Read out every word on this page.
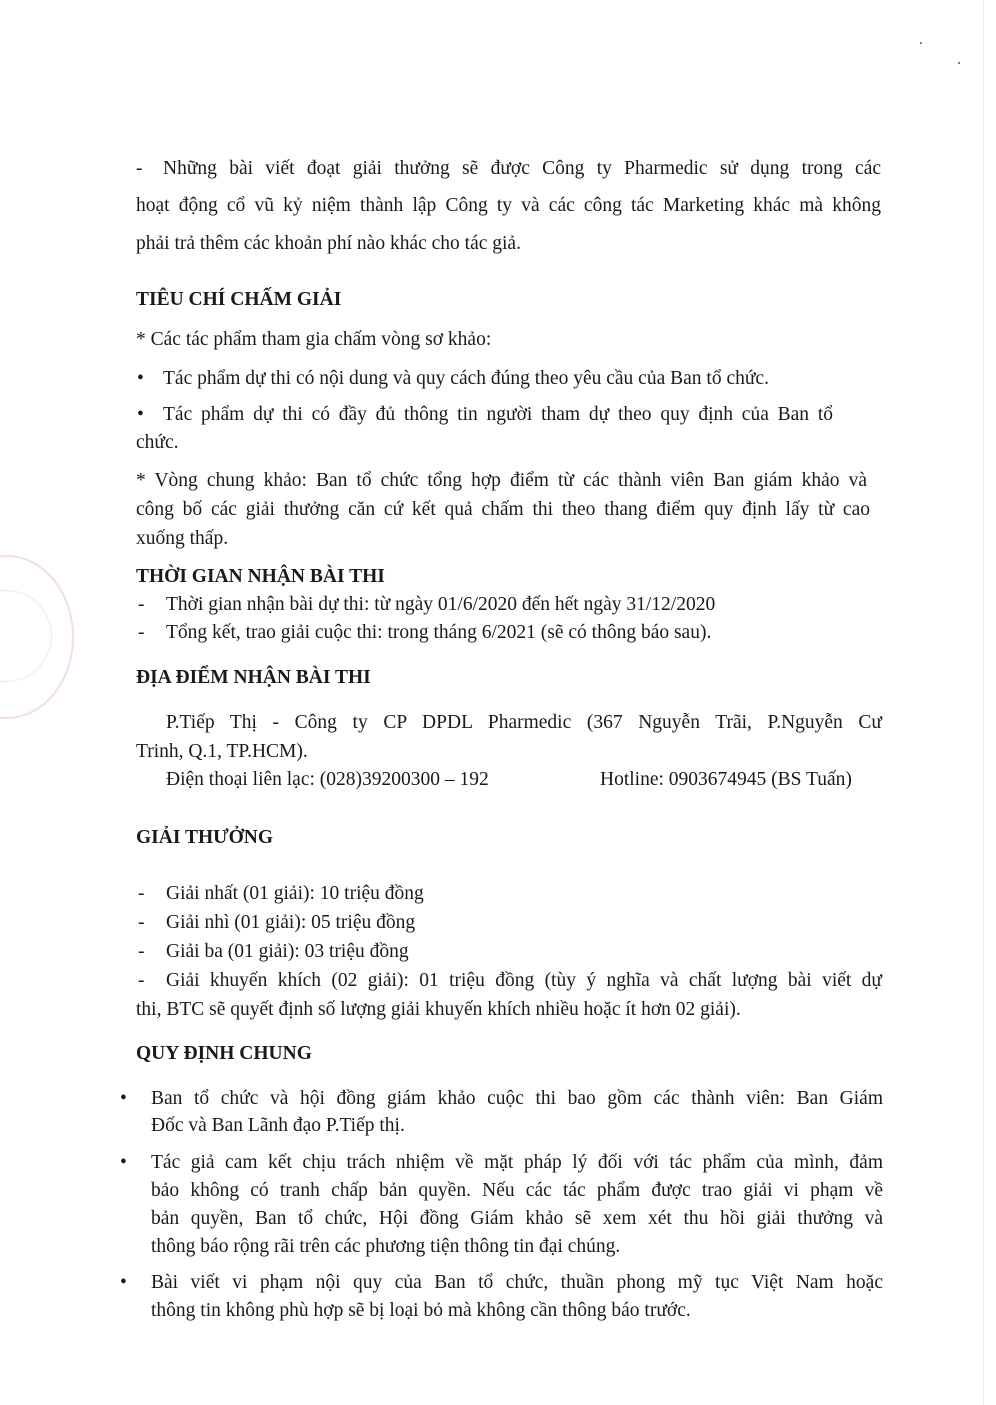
- Những bài viết đoạt giải thưởng sẽ được Công ty Pharmedic sử dụng trong các
hoạt động cổ vũ kỷ niệm thành lập Công ty và các công tác Marketing khác mà không
phải trả thêm các khoản phí nào khác cho tác giả.
TIÊU CHÍ CHẤM GIẢI
* Các tác phẩm tham gia chấm vòng sơ khảo:
• Tác phẩm dự thi có nội dung và quy cách đúng theo yêu cầu của Ban tổ chức.
• Tác phẩm dự thi có đầy đủ thông tin người tham dự theo quy định của Ban tổ
chức.
* Vòng chung khảo: Ban tổ chức tổng hợp điểm từ các thành viên Ban giám khảo và
công bố các giải thưởng căn cứ kết quả chấm thi theo thang điểm quy định lấy từ cao
xuống thấp.
THỜI GIAN NHẬN BÀI THI
- Thời gian nhận bài dự thi: từ ngày 01/6/2020 đến hết ngày 31/12/2020
- Tổng kết, trao giải cuộc thi: trong tháng 6/2021 (sẽ có thông báo sau).
ĐỊA ĐIỂM NHẬN BÀI THI
P.Tiếp Thị - Công ty CP DPDL Pharmedic (367 Nguyễn Trãi, P.Nguyễn Cư
Trinh, Q.1, TP.HCM).
Điện thoại liên lạc: (028)39200300 – 192	Hotline: 0903674945 (BS Tuấn)
GIẢI THƯỞNG
- Giải nhất (01 giải): 10 triệu đồng
- Giải nhì (01 giải): 05 triệu đồng
- Giải ba (01 giải): 03 triệu đồng
- Giải khuyến khích (02 giải): 01 triệu đồng (tùy ý nghĩa và chất lượng bài viết dự
thi, BTC sẽ quyết định số lượng giải khuyến khích nhiều hoặc ít hơn 02 giải).
QUY ĐỊNH CHUNG
• Ban tổ chức và hội đồng giám khảo cuộc thi bao gồm các thành viên: Ban Giám
Đốc và Ban Lãnh đạo P.Tiếp thị.
• Tác giả cam kết chịu trách nhiệm về mặt pháp lý đối với tác phẩm của mình, đảm
bảo không có tranh chấp bản quyền. Nếu các tác phẩm được trao giải vi phạm về
bản quyền, Ban tổ chức, Hội đồng Giám khảo sẽ xem xét thu hồi giải thưởng và
thông báo rộng rãi trên các phương tiện thông tin đại chúng.
• Bài viết vi phạm nội quy của Ban tổ chức, thuần phong mỹ tục Việt Nam hoặc
thông tin không phù hợp sẽ bị loại bỏ mà không cần thông báo trước.
